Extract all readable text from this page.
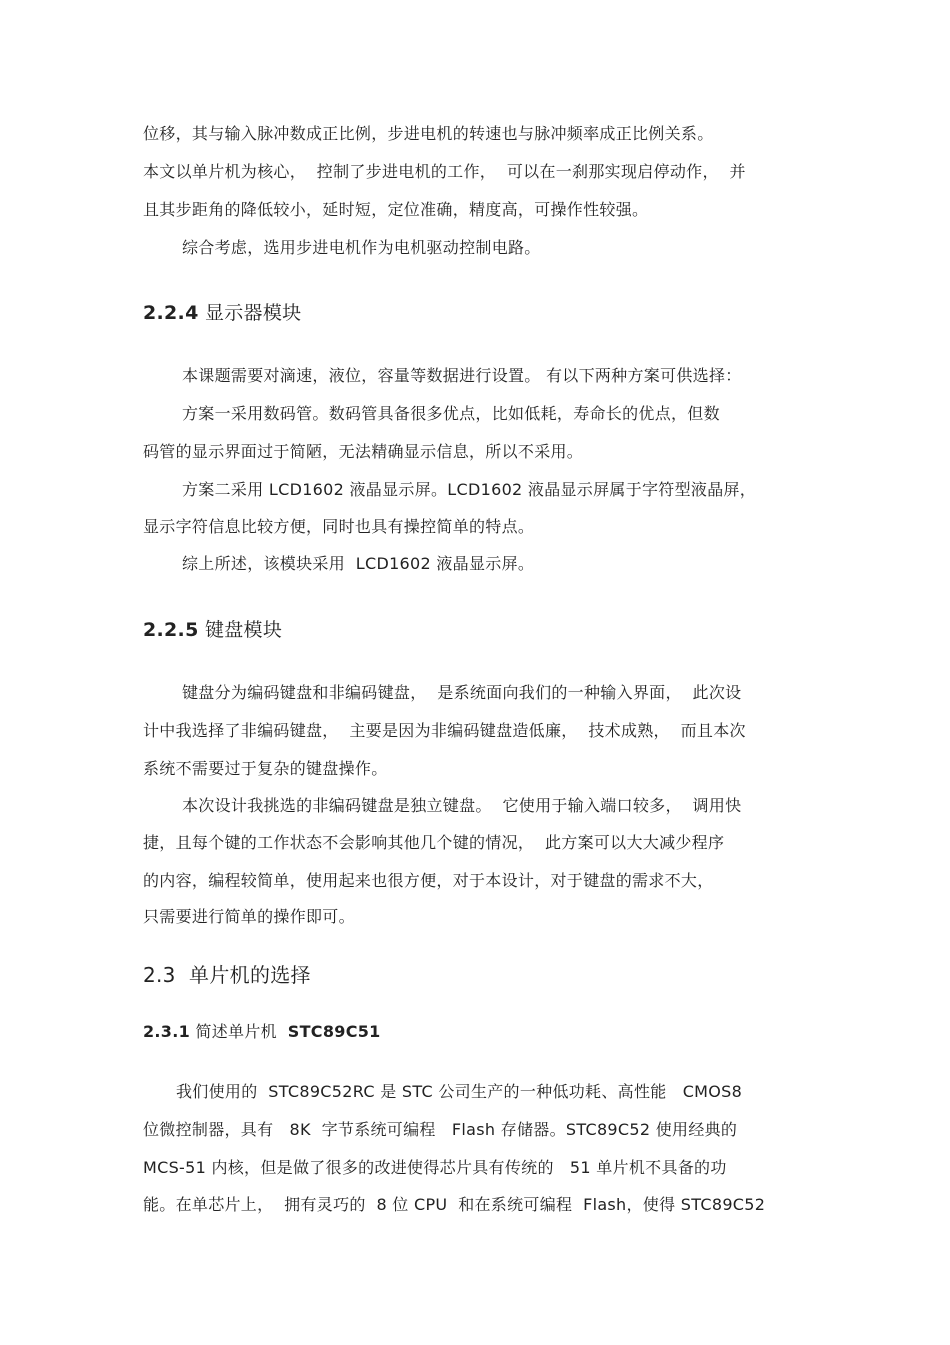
位移，其与输入脉冲数成正比例，步进电机的转速也与脉冲频率成正比例关系。
本文以单片机为核心，  控制了步进电机的工作，  可以在一刹那实现启停动作，  并
且其步距角的降低较小，延时短，定位准确，精度高，可操作性较强。
综合考虑，选用步进电机作为电机驱动控制电路。
2.2.4 显示器模块
本课题需要对滴速，液位，容量等数据进行设置。 有以下两种方案可供选择：
方案一采用数码管。数码管具备很多优点，比如低耗，寿命长的优点，但数
码管的显示界面过于简陋，无法精确显示信息，所以不采用。
方案二采用 LCD1602 液晶显示屏。LCD1602 液晶显示屏属于字符型液晶屏，
显示字符信息比较方便，同时也具有操控简单的特点。
综上所述，该模块采用  LCD1602 液晶显示屏。
2.2.5 键盘模块
键盘分为编码键盘和非编码键盘，  是系统面向我们的一种输入界面，  此次设
计中我选择了非编码键盘，  主要是因为非编码键盘造低廉，  技术成熟，  而且本次
系统不需要过于复杂的键盘操作。
本次设计我挑选的非编码键盘是独立键盘。  它使用于输入端口较多，  调用快
捷，且每个键的工作状态不会影响其他几个键的情况，  此方案可以大大减少程序
的内容，编程较简单，使用起来也很方便，对于本设计，对于键盘的需求不大，
只需要进行简单的操作即可。
2.3 单片机的选择
2.3.1 简述单片机 STC89C51
我们使用的  STC89C52RC 是 STC 公司生产的一种低功耗、高性能   CMOS8
位微控制器，具有   8K  字节系统可编程   Flash 存储器。STC89C52 使用经典的
MCS-51 内核，但是做了很多的改进使得芯片具有传统的   51 单片机不具备的功
能。在单芯片上，  拥有灵巧的  8 位 CPU  和在系统可编程  Flash，使得 STC89C52
